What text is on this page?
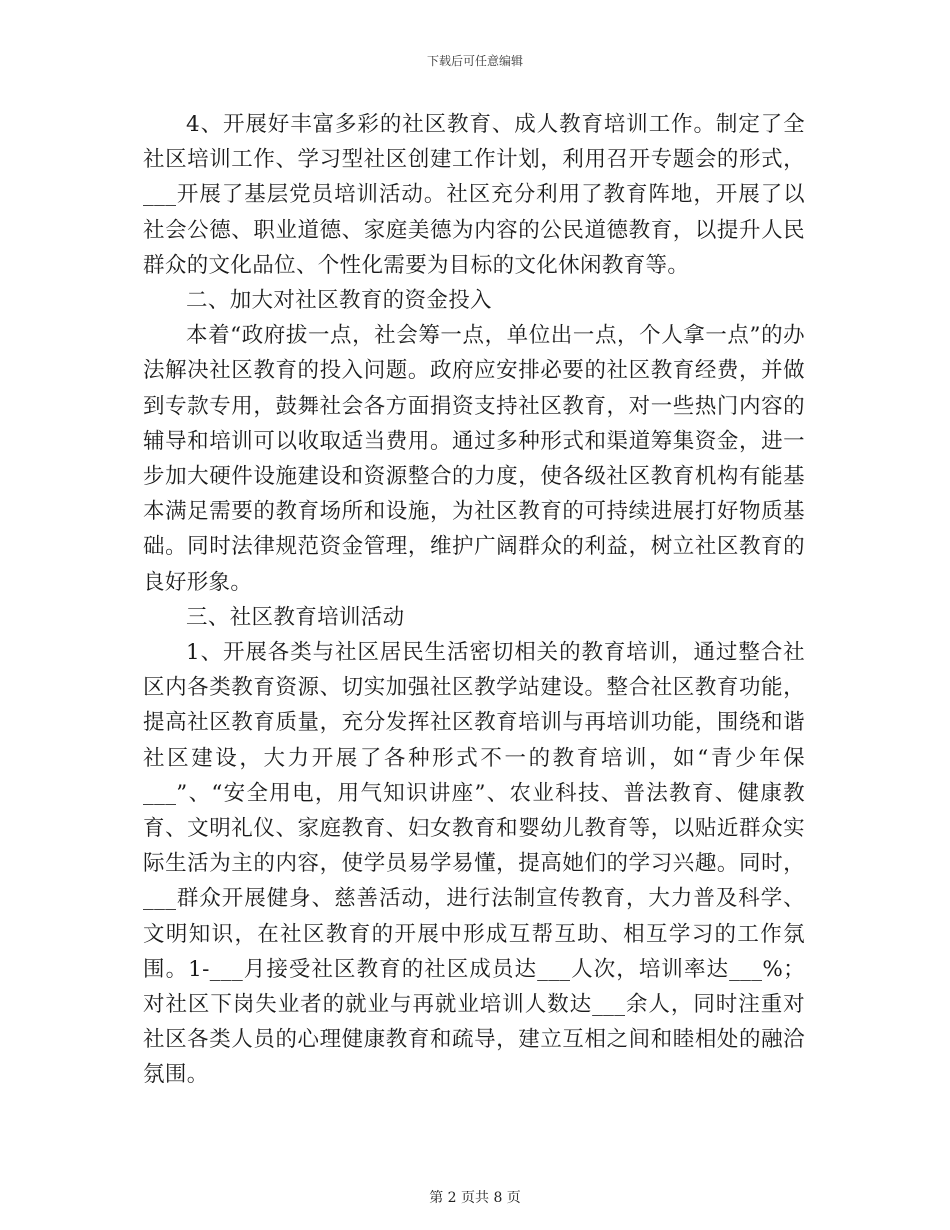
下载后可任意编辑

4、开展好丰富多彩的社区教育、成人教育培训工作。制定了全社区培训工作、学习型社区创建工作计划，利用召开专题会的形式，___开展了基层党员培训活动。社区充分利用了教育阵地，开展了以社会公德、职业道德、家庭美德为内容的公民道德教育，以提升人民群众的文化品位、个性化需要为目标的文化休闲教育等。

二、加大对社区教育的资金投入

本着“政府拔一点，社会筹一点，单位出一点，个人拿一点”的办法解决社区教育的投入问题。政府应安排必要的社区教育经费，并做到专款专用，鼓舞社会各方面捐资支持社区教育，对一些热门内容的辅导和培训可以收取适当费用。通过多种形式和渠道筹集资金，进一步加大硬件设施建设和资源整合的力度，使各级社区教育机构有能基本满足需要的教育场所和设施，为社区教育的可持续进展打好物质基础。同时法律规范资金管理，维护广阔群众的利益，树立社区教育的良好形象。

三、社区教育培训活动

1、开展各类与社区居民生活密切相关的教育培训，通过整合社区内各类教育资源、切实加强社区教学站建设。整合社区教育功能，提高社区教育质量，充分发挥社区教育培训与再培训功能，围绕和谐社区建设，大力开展了各种形式不一的教育培训，如“青少年保___”、“安全用电，用气知识讲座”、农业科技、普法教育、健康教育、文明礼仪、家庭教育、妇女教育和婴幼儿教育等，以贴近群众实际生活为主的内容，使学员易学易懂，提高她们的学习兴趣。同时，___群众开展健身、慈善活动，进行法制宣传教育，大力普及科学、文明知识，在社区教育的开展中形成互帮互助、相互学习的工作氛围。1-___月接受社区教育的社区成员达___人次，培训率达___%；对社区下岗失业者的就业与再就业培训人数达___余人，同时注重对社区各类人员的心理健康教育和疏导，建立互相之间和睦相处的融洽氛围。

第 2 页共 8 页
